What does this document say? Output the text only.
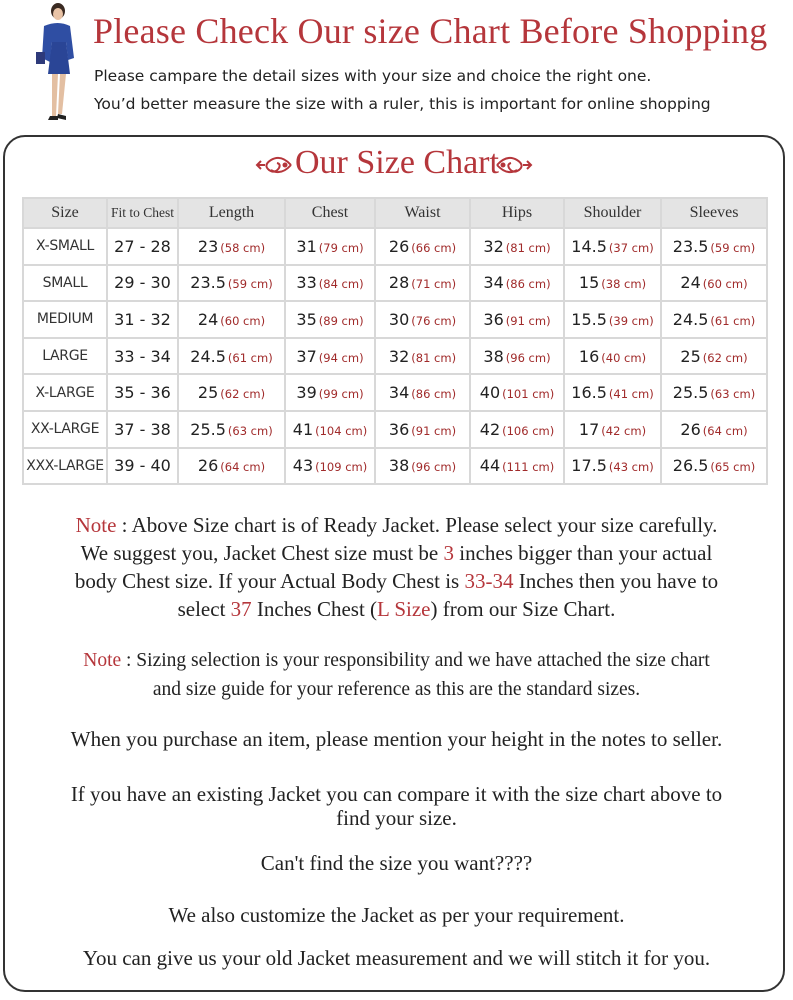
Please Check Our size Chart Before Shopping
Please campare the detail sizes with your size and choice the right one.
You’d better measure the size with a ruler, this is important for online shopping
Our Size Chart
Size	Fit to Chest	Length	Chest	Waist	Hips	Shoulder	Sleeves
X-SMALL	27 - 28	23 (58 cm)	31 (79 cm)	26 (66 cm)	32 (81 cm)	14.5 (37 cm)	23.5 (59 cm)
SMALL	29 - 30	23.5 (59 cm)	33 (84 cm)	28 (71 cm)	34 (86 cm)	15 (38 cm)	24 (60 cm)
MEDIUM	31 - 32	24 (60 cm)	35 (89 cm)	30 (76 cm)	36 (91 cm)	15.5 (39 cm)	24.5 (61 cm)
LARGE	33 - 34	24.5 (61 cm)	37 (94 cm)	32 (81 cm)	38 (96 cm)	16 (40 cm)	25 (62 cm)
X-LARGE	35 - 36	25 (62 cm)	39 (99 cm)	34 (86 cm)	40 (101 cm)	16.5 (41 cm)	25.5 (63 cm)
XX-LARGE	37 - 38	25.5 (63 cm)	41 (104 cm)	36 (91 cm)	42 (106 cm)	17 (42 cm)	26 (64 cm)
XXX-LARGE	39 - 40	26 (64 cm)	43 (109 cm)	38 (96 cm)	44 (111 cm)	17.5 (43 cm)	26.5 (65 cm)
Note : Above Size chart is of Ready Jacket. Please select your size carefully.
We suggest you, Jacket Chest size must be 3 inches bigger than your actual
body Chest size. If your Actual Body Chest is 33-34 Inches then you have to
select 37 Inches Chest (L Size) from our Size Chart.
Note : Sizing selection is your responsibility and we have attached the size chart
and size guide for your reference as this are the standard sizes.
When you purchase an item, please mention your height in the notes to seller.
If you have an existing Jacket you can compare it with the size chart above to
find your size.
Can't find the size you want????
We also customize the Jacket as per your requirement.
You can give us your old Jacket measurement and we will stitch it for you.
